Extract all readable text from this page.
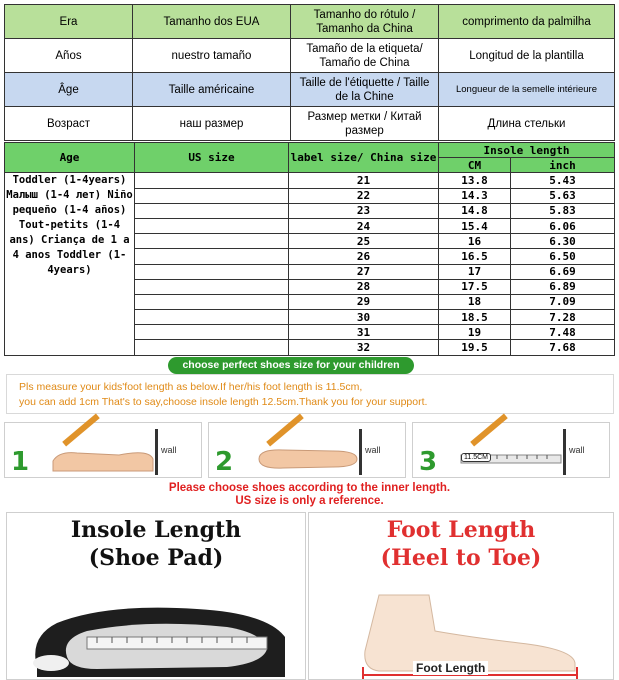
Era	Tamanho dos EUA	Tamanho do rótulo / Tamanho da China	comprimento da palmilha
Años	nuestro tamaño	Tamaño de la etiqueta/ Tamaño de China	Longitud de la plantilla
Âge	Taille américaine	Taille de l'étiquette / Taille de la Chine	Longueur de la semelle intérieure
Возраст	наш размер	Размер метки / Китай размер	Длина стельки
Age	US size	label size/ China size	Insole length	
			CM	inch
Toddler (1-4years) Малыш (1-4 лет) Niño pequeño (1-4 años) Tout-petits (1-4 ans) Criança de 1 a 4 anos Toddler (1-4years)		21	13.8	5.43
		22	14.3	5.63
		23	14.8	5.83
		24	15.4	6.06
		25	16	6.30
		26	16.5	6.50
		27	17	6.69
		28	17.5	6.89
		29	18	7.09
		30	18.5	7.28
		31	19	7.48
		32	19.5	7.68
choose perfect shoes size for your children
Pls measure your kids'foot length as below.If her/his foot length is 11.5cm,
you can add 1cm That's to say,choose insole length 12.5cm.Thank you for your support.
1	wall 2	wall 3	11.5CM
wall
Please choose shoes according to the inner length.
US size is only a reference.
Insole Length
(Shoe Pad)
Foot Length
(Heel to Toe)
Foot Length
